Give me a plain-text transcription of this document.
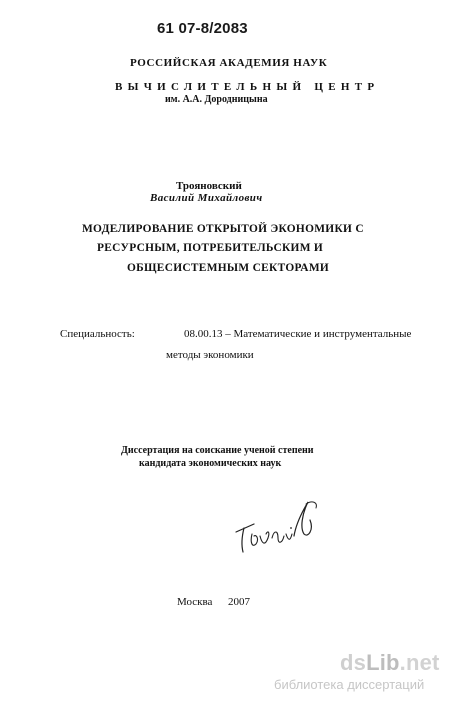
61 07-8/2083
РОССИЙСКАЯ АКАДЕМИЯ НАУК
ВЫЧИСЛИТЕЛЬНЫЙ ЦЕНТР
им. А.А. Дородницына
Трояновский
Василий Михайлович
МОДЕЛИРОВАНИЕ ОТКРЫТОЙ ЭКОНОМИКИ С
РЕСУРСНЫМ, ПОТРЕБИТЕЛЬСКИМ И
ОБЩЕСИСТЕМНЫМ СЕКТОРАМИ
Специальность:	08.00.13 – Математические и инструментальные
методы экономики
Диссертация на соискание ученой степени
кандидата экономических наук
Москва 2007
dsLib.net
библиотека диссертаций
